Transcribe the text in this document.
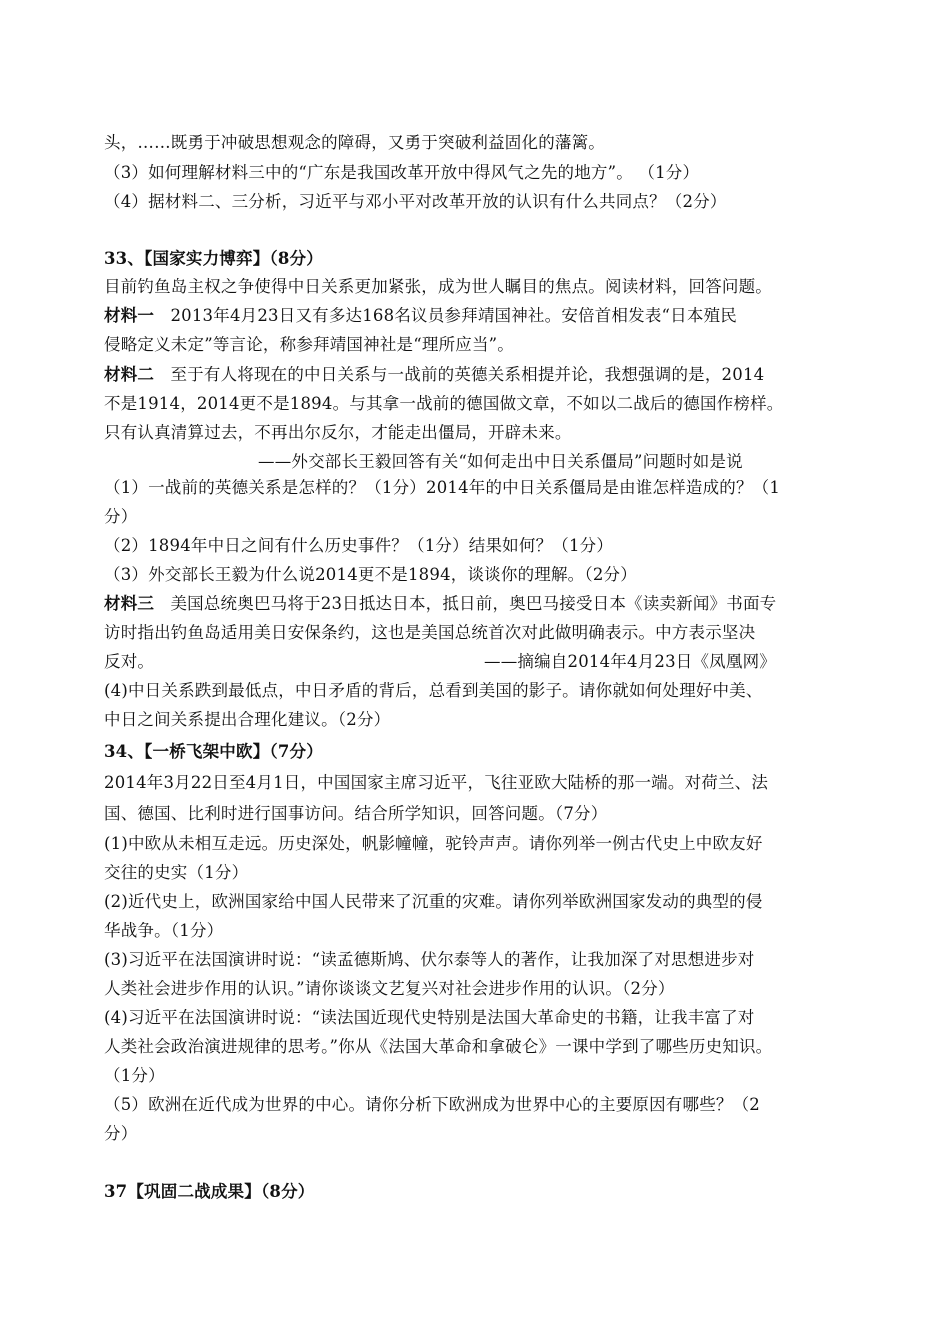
头，……既勇于冲破思想观念的障碍，又勇于突破利益固化的藩篱。
（3）如何理解材料三中的“广东是我国改革开放中得风气之先的地方”。 （1分）
（4）据材料二、三分析，习近平与邓小平对改革开放的认识有什么共同点？（2分）
33、【国家实力博弈】（8分）
目前钓鱼岛主权之争使得中日关系更加紧张，成为世人瞩目的焦点。阅读材料，回答问题。
材料一 2013年4月23日又有多达168名议员参拜靖国神社。安倍首相发表“日本殖民
侵略定义未定”等言论，称参拜靖国神社是“理所应当”。
材料二 至于有人将现在的中日关系与一战前的英德关系相提并论，我想强调的是，2014
不是1914，2014更不是1894。与其拿一战前的德国做文章，不如以二战后的德国作榜样。
只有认真清算过去，不再出尔反尔，才能走出僵局，开辟未来。
——外交部长王毅回答有关“如何走出中日关系僵局”问题时如是说
（1）一战前的英德关系是怎样的？（1分）2014年的中日关系僵局是由谁怎样造成的？（1
分）
（2）1894年中日之间有什么历史事件？（1分）结果如何？（1分）
（3）外交部长王毅为什么说2014更不是1894，谈谈你的理解。（2分）
材料三 美国总统奥巴马将于23日抵达日本，抵日前，奥巴马接受日本《读卖新闻》书面专
访时指出钓鱼岛适用美日安保条约，这也是美国总统首次对此做明确表示。中方表示坚决
反对。	——摘编自2014年4月23日《凤凰网》
(4)中日关系跌到最低点，中日矛盾的背后，总看到美国的影子。请你就如何处理好中美、
中日之间关系提出合理化建议。（2分）
34、【一桥飞架中欧】（7分）
2014年3月22日至4月1日，中国国家主席习近平，飞往亚欧大陆桥的那一端。对荷兰、法
国、德国、比利时进行国事访问。结合所学知识，回答问题。（7分）
(1)中欧从未相互走远。历史深处，帆影幢幢，驼铃声声。请你列举一例古代史上中欧友好
交往的史实（1分）
(2)近代史上，欧洲国家给中国人民带来了沉重的灾难。请你列举欧洲国家发动的典型的侵
华战争。（1分）
(3)习近平在法国演讲时说：“读孟德斯鸠、伏尔泰等人的著作，让我加深了对思想进步对
人类社会进步作用的认识。”请你谈谈文艺复兴对社会进步作用的认识。（2分）
(4)习近平在法国演讲时说：“读法国近现代史特别是法国大革命史的书籍，让我丰富了对
人类社会政治演进规律的思考。”你从《法国大革命和拿破仑》一课中学到了哪些历史知识。
（1分）
（5）欧洲在近代成为世界的中心。请你分析下欧洲成为世界中心的主要原因有哪些？（2
分）
37【巩固二战成果】（8分）
